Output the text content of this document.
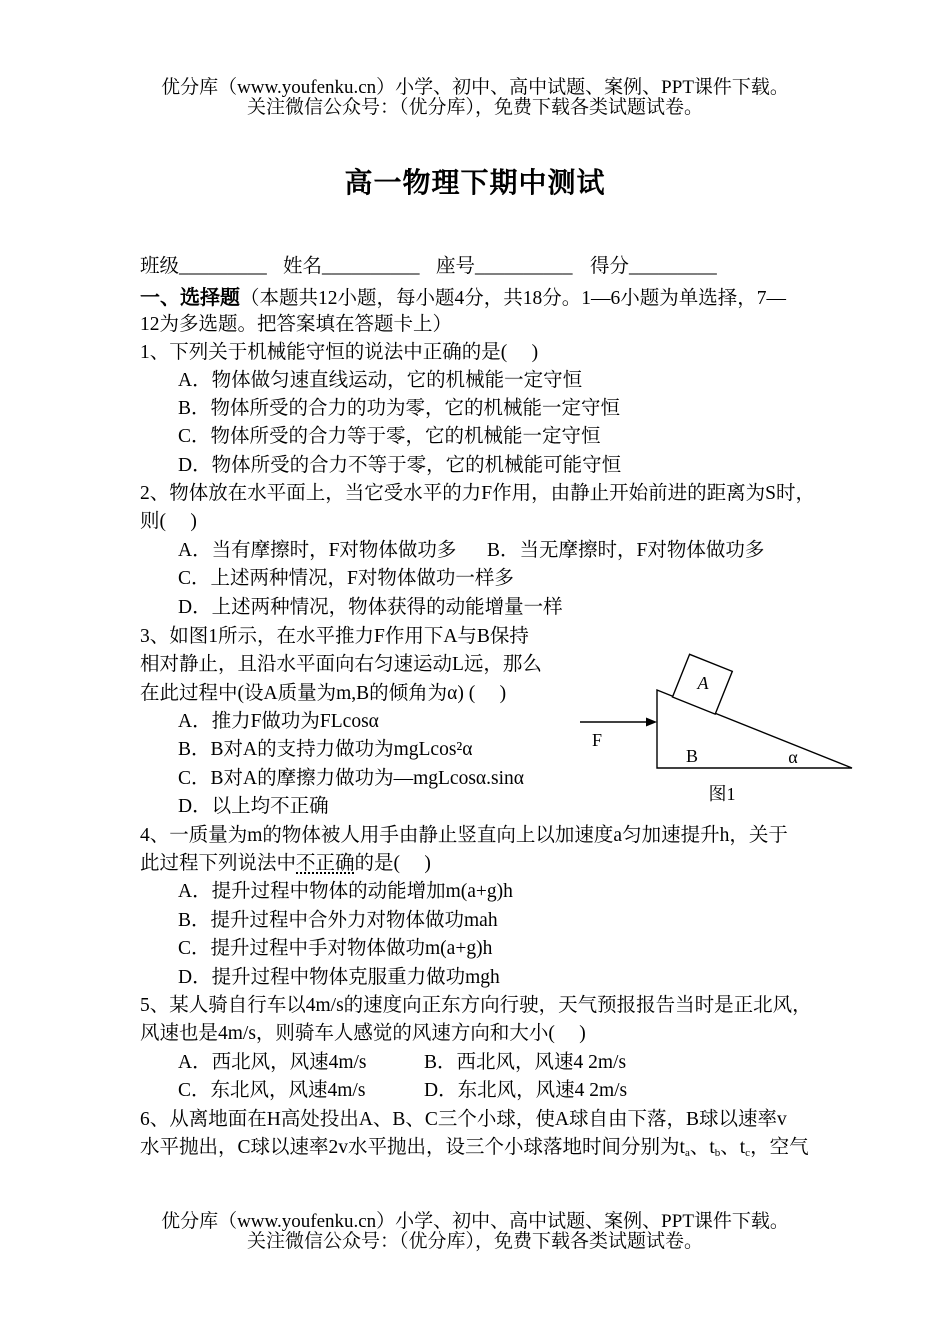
优分库（www.youfenku.cn）小学、初中、高中试题、案例、PPT课件下载。
关注微信公众号：（优分库），免费下载各类试题试卷。
高一物理下期中测试
班级_________ 姓名__________ 座号__________ 得分_________
一、选择题（本题共12小题，每小题4分，共18分。1—6小题为单选择，7—
12为多选题。把答案填在答题卡上）
1、下列关于机械能守恒的说法中正确的是(     )
A．物体做匀速直线运动，它的机械能一定守恒
B．物体所受的合力的功为零，它的机械能一定守恒
C．物体所受的合力等于零，它的机械能一定守恒
D．物体所受的合力不等于零，它的机械能可能守恒
2、物体放在水平面上，当它受水平的力F作用，由静止开始前进的距离为S时，
则(     )
A．当有摩擦时，F对物体做功多 B．当无摩擦时，F对物体做功多
C．上述两种情况，F对物体做功一样多
D．上述两种情况，物体获得的动能增量一样
3、如图1所示，在水平推力F作用下A与B保持
相对静止，且沿水平面向右匀速运动L远，那么
在此过程中(设A质量为m,B的倾角为α) (     )
A．推力F做功为FLcosα
B．B对A的支持力做功为mgLcos²α
C．B对A的摩擦力做功为—mgLcosα.sinα
D．以上均不正确
A
F
B	α
图1
4、一质量为m的物体被人用手由静止竖直向上以加速度a匀加速提升h，关于
此过程下列说法中不正确的是(     )
A．提升过程中物体的动能增加m(a+g)h
B．提升过程中合外力对物体做功mah
C．提升过程中手对物体做功m(a+g)h
D．提升过程中物体克服重力做功mgh
5、某人骑自行车以4m/s的速度向正东方向行驶，天气预报报告当时是正北风，
风速也是4m/s，则骑车人感觉的风速方向和大小(     )
A．西北风，风速4m/s	B．西北风，风速4 2m/s
C．东北风，风速4m/s	D．东北风，风速4 2m/s
6、从离地面在H高处投出A、B、C三个小球，使A球自由下落，B球以速率v
水平抛出，C球以速率2v水平抛出，设三个小球落地时间分别为$t_a$、$t_b$、$t_c$，空气
优分库（www.youfenku.cn）小学、初中、高中试题、案例、PPT课件下载。
关注微信公众号：（优分库），免费下载各类试题试卷。
